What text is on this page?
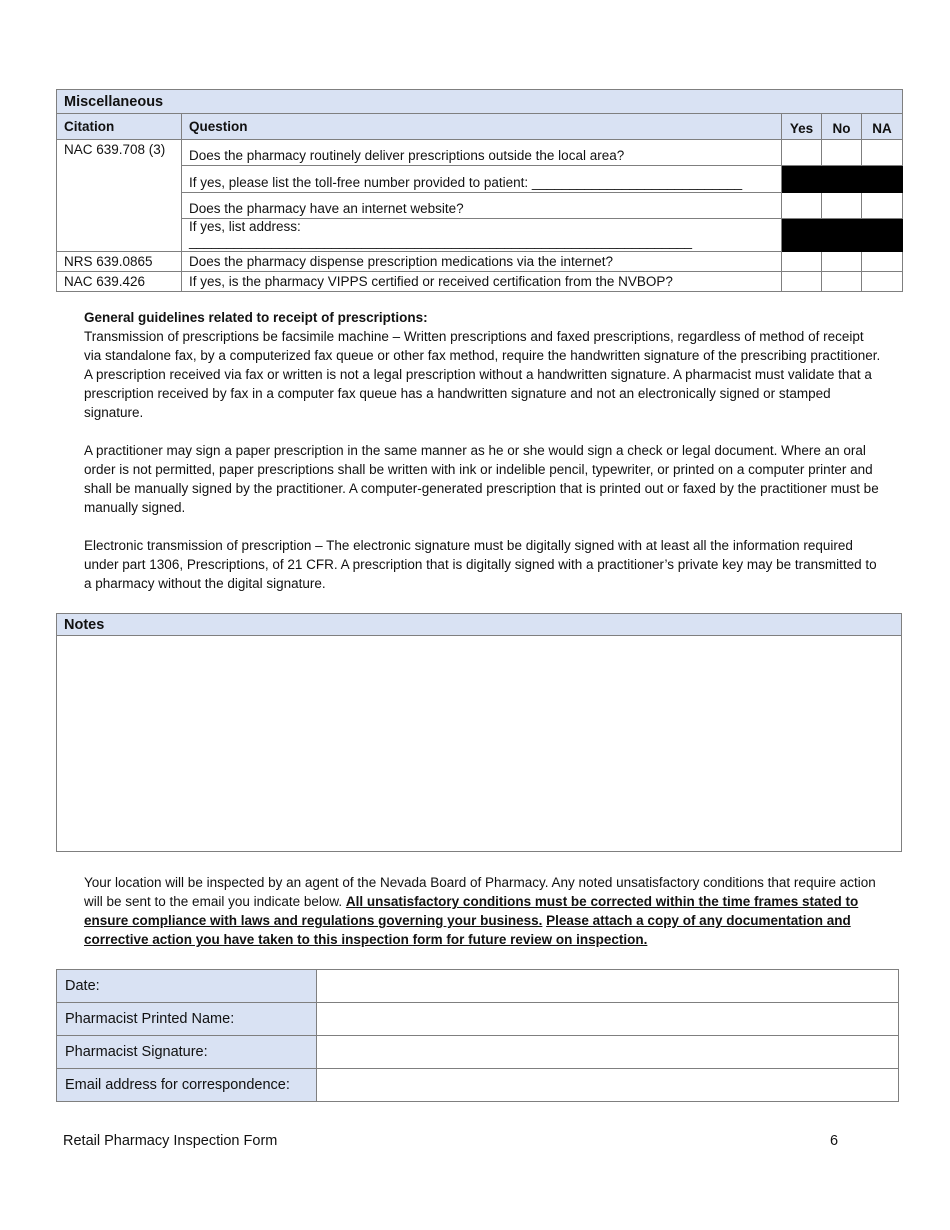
Miscellaneous				
Citation	Question	Yes	No	NA
NAC 639.708 (3)	Does the pharmacy routinely deliver prescriptions outside the local area?			
	If yes, please list the toll-free number provided to patient: ____________________________			
	Does the pharmacy have an internet website?			
	If yes, list address: ___________________________________________________________________			
NRS 639.0865	Does the pharmacy dispense prescription medications via the internet?			
NAC 639.426	If yes, is the pharmacy VIPPS certified or received certification from the NVBOP?			

General guidelines related to receipt of prescriptions:
Transmission of prescriptions be facsimile machine – Written prescriptions and faxed prescriptions, regardless of method of receipt via standalone fax, by a computerized fax queue or other fax method, require the handwritten signature of the prescribing practitioner. A prescription received via fax or written is not a legal prescription without a handwritten signature. A pharmacist must validate that a prescription received by fax in a computer fax queue has a handwritten signature and not an electronically signed or stamped signature.

A practitioner may sign a paper prescription in the same manner as he or she would sign a check or legal document. Where an oral order is not permitted, paper prescriptions shall be written with ink or indelible pencil, typewriter, or printed on a computer printer and shall be manually signed by the practitioner. A computer-generated prescription that is printed out or faxed by the practitioner must be manually signed.

Electronic transmission of prescription – The electronic signature must be digitally signed with at least all the information required under part 1306, Prescriptions, of 21 CFR. A prescription that is digitally signed with a practitioner’s private key may be transmitted to a pharmacy without the digital signature.

Notes

Your location will be inspected by an agent of the Nevada Board of Pharmacy. Any noted unsatisfactory conditions that require action will be sent to the email you indicate below. All unsatisfactory conditions must be corrected within the time frames stated to ensure compliance with laws and regulations governing your business. Please attach a copy of any documentation and corrective action you have taken to this inspection form for future review on inspection.

Date:	
Pharmacist Printed Name:	
Pharmacist Signature:	
Email address for correspondence:	
Retail Pharmacy Inspection Form	6
